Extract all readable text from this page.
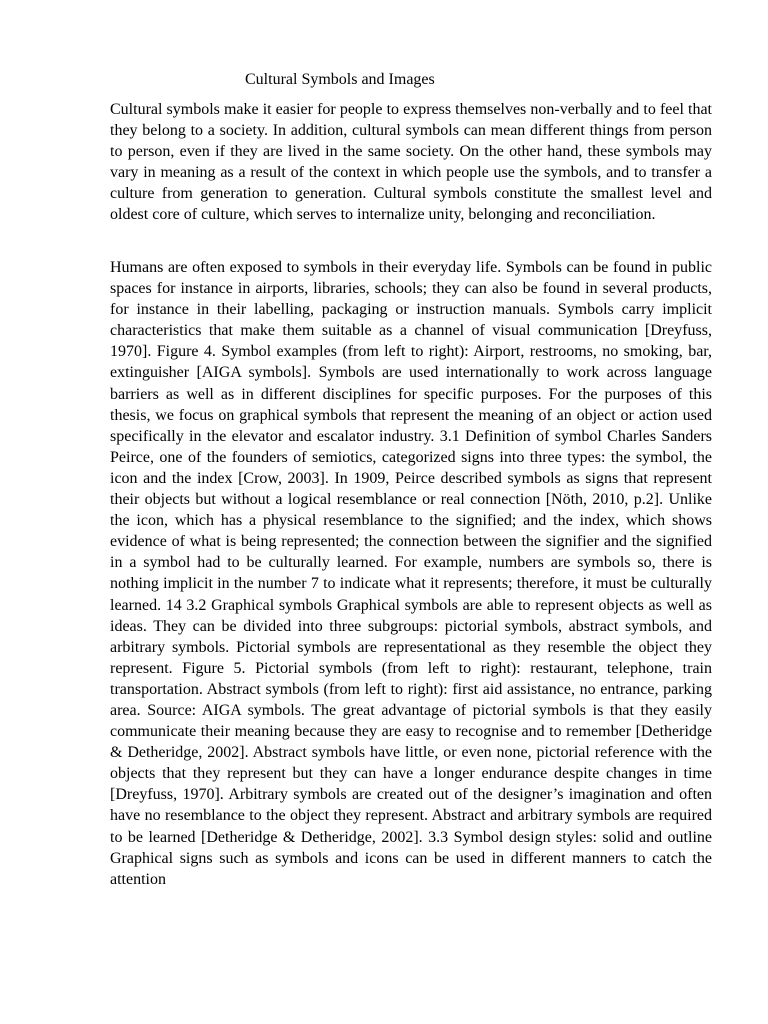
Cultural Symbols and Images

Cultural symbols make it easier for people to express themselves non-verbally and to feel that they belong to a society. In addition, cultural symbols can mean different things from person to person, even if they are lived in the same society. On the other hand, these symbols may vary in meaning as a result of the context in which people use the symbols, and to transfer a culture from generation to generation. Cultural symbols constitute the smallest level and oldest core of culture, which serves to internalize unity, belonging and reconciliation.

Humans are often exposed to symbols in their everyday life. Symbols can be found in public spaces for instance in airports, libraries, schools; they can also be found in several products, for instance in their labelling, packaging or instruction manuals. Symbols carry implicit characteristics that make them suitable as a channel of visual communication [Dreyfuss, 1970]. Figure 4. Symbol examples (from left to right): Airport, restrooms, no smoking, bar, extinguisher [AIGA symbols]. Symbols are used internationally to work across language barriers as well as in different disciplines for specific purposes. For the purposes of this thesis, we focus on graphical symbols that represent the meaning of an object or action used specifically in the elevator and escalator industry. 3.1 Definition of symbol Charles Sanders Peirce, one of the founders of semiotics, categorized signs into three types: the symbol, the icon and the index [Crow, 2003]. In 1909, Peirce described symbols as signs that represent their objects but without a logical resemblance or real connection [Nöth, 2010, p.2]. Unlike the icon, which has a physical resemblance to the signified; and the index, which shows evidence of what is being represented; the connection between the signifier and the signified in a symbol had to be culturally learned. For example, numbers are symbols so, there is nothing implicit in the number 7 to indicate what it represents; therefore, it must be culturally learned. 14 3.2 Graphical symbols Graphical symbols are able to represent objects as well as ideas. They can be divided into three subgroups: pictorial symbols, abstract symbols, and arbitrary symbols. Pictorial symbols are representational as they resemble the object they represent. Figure 5. Pictorial symbols (from left to right): restaurant, telephone, train transportation. Abstract symbols (from left to right): first aid assistance, no entrance, parking area. Source: AIGA symbols. The great advantage of pictorial symbols is that they easily communicate their meaning because they are easy to recognise and to remember [Detheridge & Detheridge, 2002]. Abstract symbols have little, or even none, pictorial reference with the objects that they represent but they can have a longer endurance despite changes in time [Dreyfuss, 1970]. Arbitrary symbols are created out of the designer’s imagination and often have no resemblance to the object they represent. Abstract and arbitrary symbols are required to be learned [Detheridge & Detheridge, 2002]. 3.3 Symbol design styles: solid and outline Graphical signs such as symbols and icons can be used in different manners to catch the attention
